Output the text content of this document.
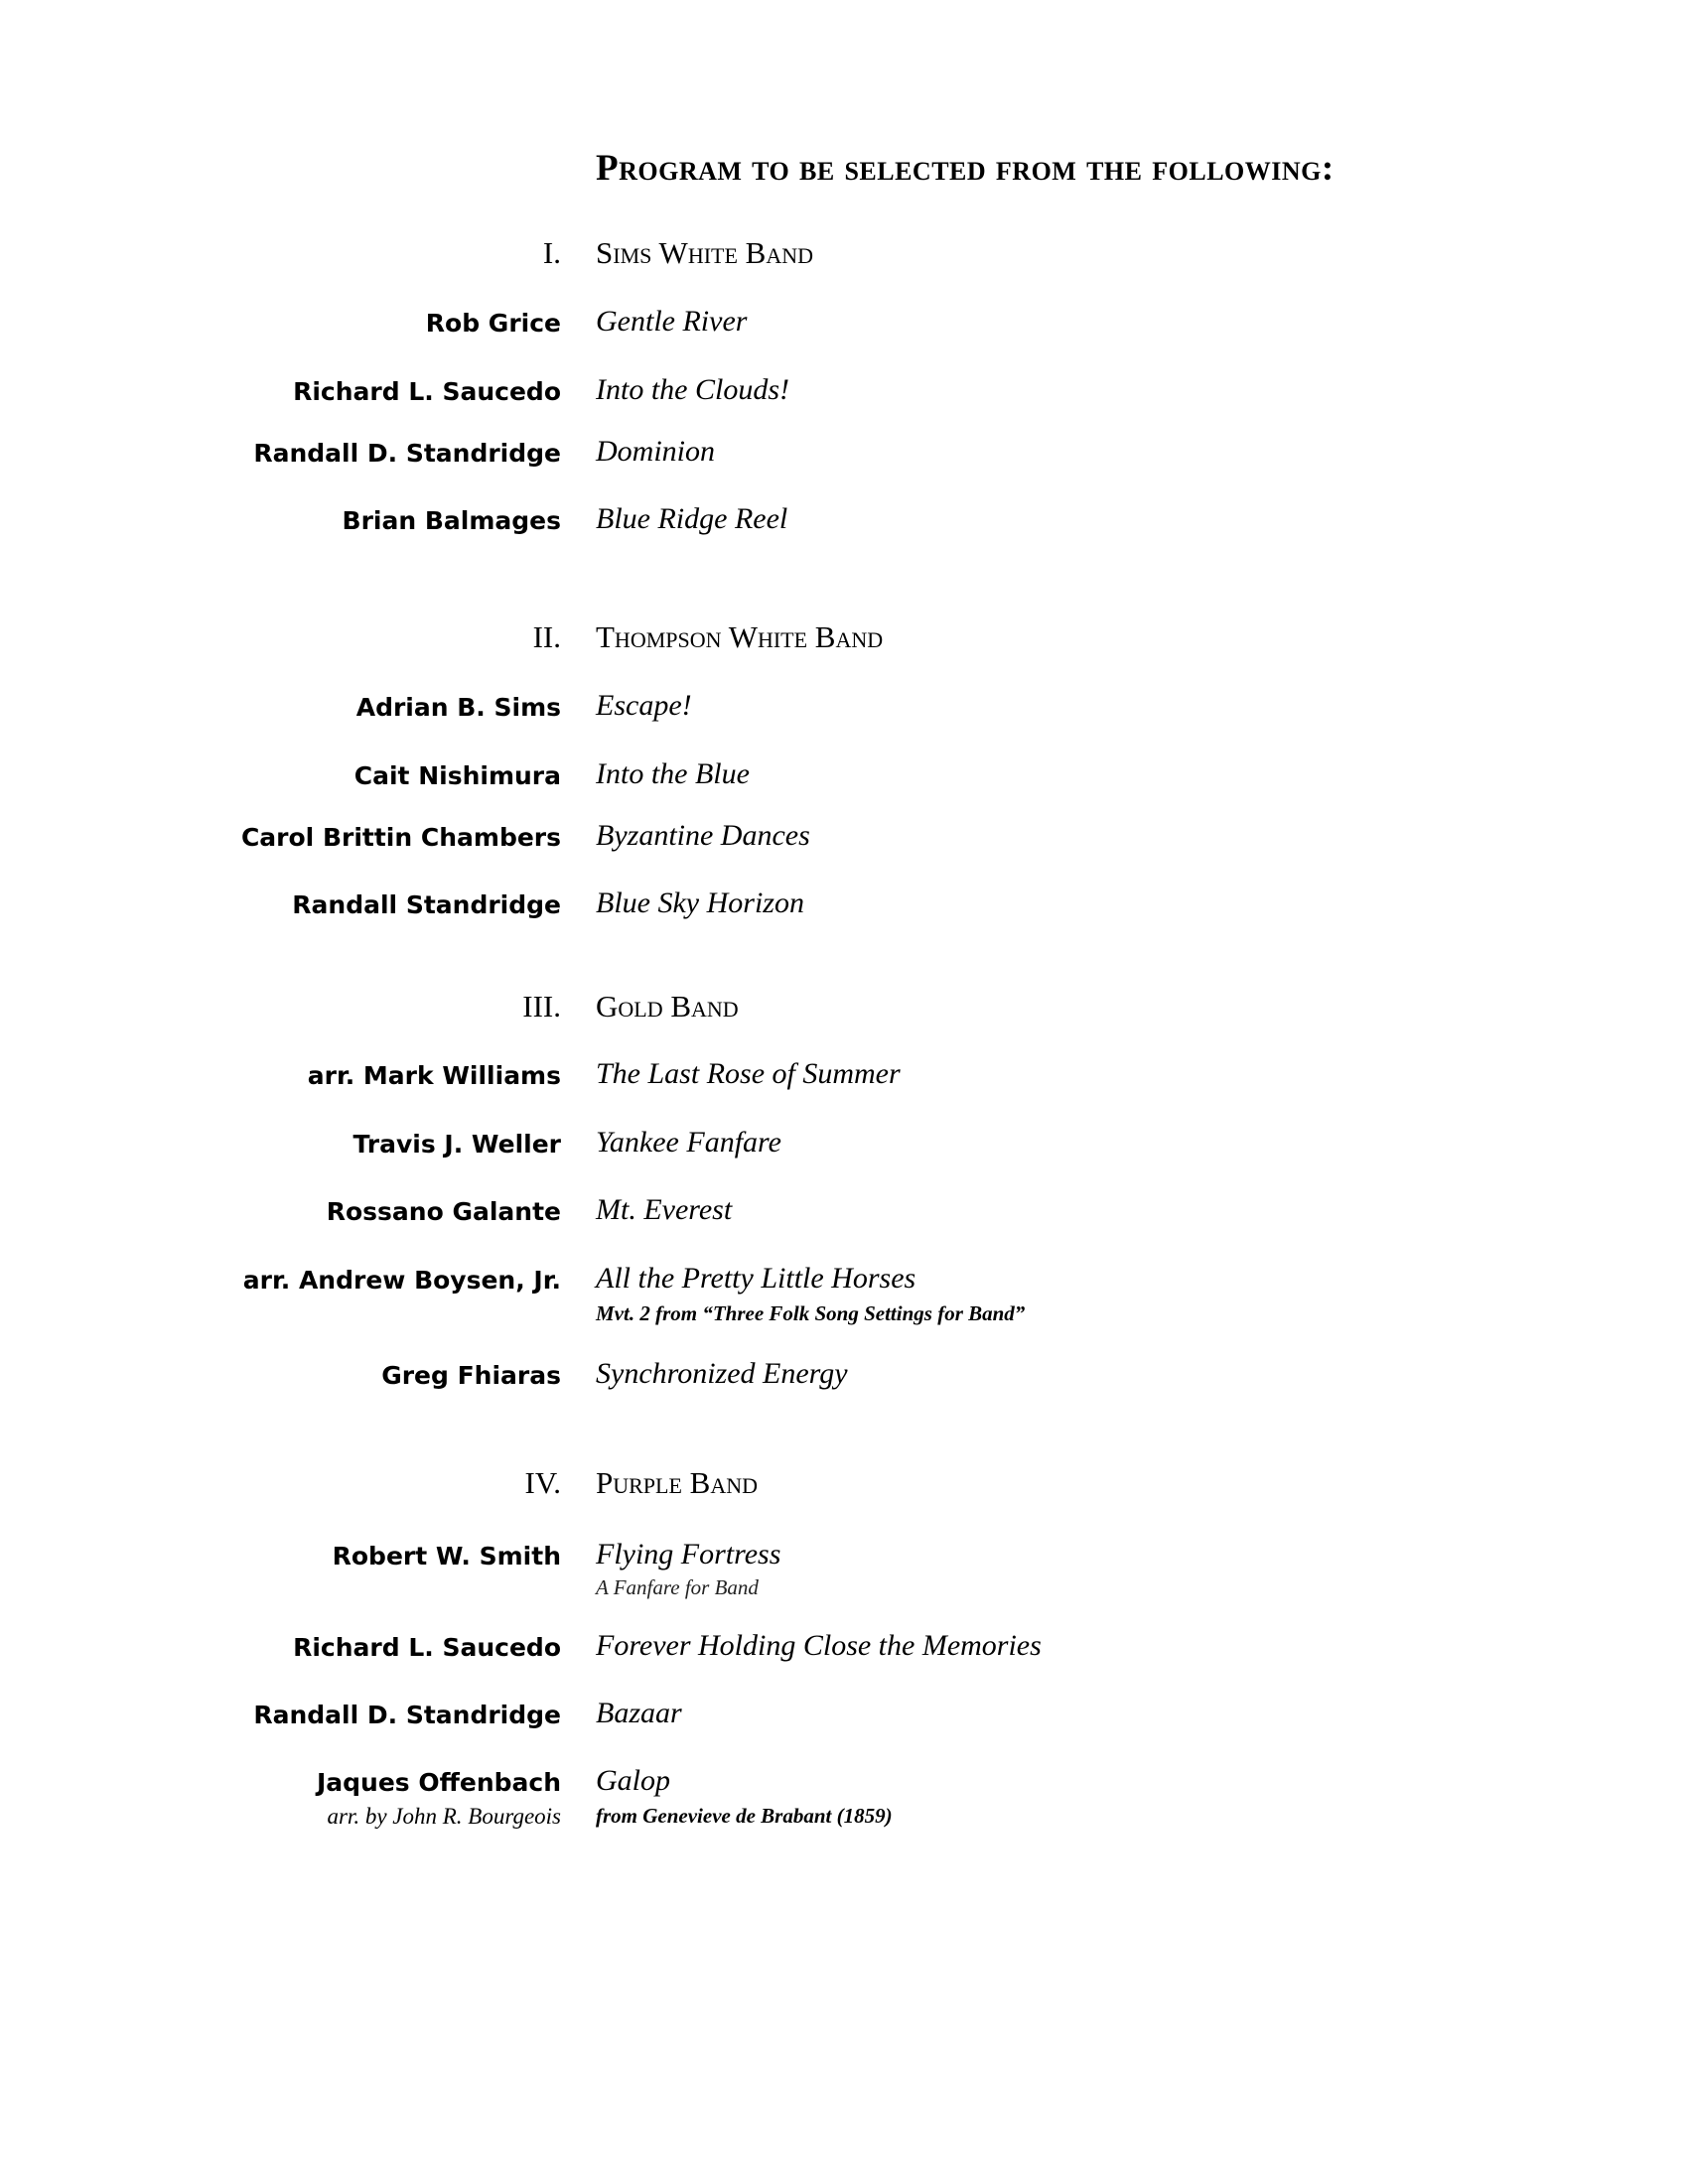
Program to be selected from the following:
I. Sims White Band
Rob Grice Gentle River
Richard L. Saucedo Into the Clouds!
Randall D. Standridge Dominion
Brian Balmages Blue Ridge Reel
II. Thompson White Band
Adrian B. Sims Escape!
Cait Nishimura Into the Blue
Carol Brittin Chambers Byzantine Dances
Randall Standridge Blue Sky Horizon
III. Gold Band
arr. Mark Williams The Last Rose of Summer
Travis J. Weller Yankee Fanfare
Rossano Galante Mt. Everest
arr. Andrew Boysen, Jr. All the Pretty Little Horses
Mvt. 2 from “Three Folk Song Settings for Band”
Greg Fhiaras Synchronized Energy
IV. Purple Band
Robert W. Smith Flying Fortress
A Fanfare for Band
Richard L. Saucedo Forever Holding Close the Memories
Randall D. Standridge Bazaar
Jaques Offenbach
arr. by John R. Bourgeois
Galop
from Genevieve de Brabant (1859)
